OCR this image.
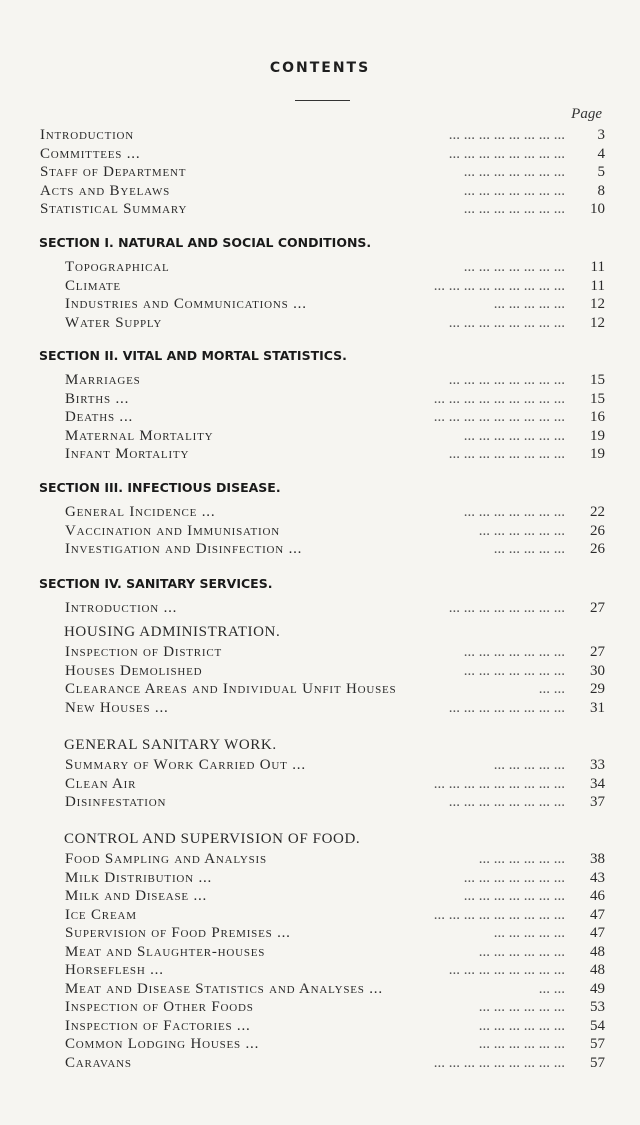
CONTENTS
Page
Introduction	... ... ... ... ... ... ... ...	3
Committees ...	... ... ... ... ... ... ... ...	4
Staff of Department	... ... ... ... ... ... ...	5
Acts and Byelaws	... ... ... ... ... ... ...	8
Statistical Summary	... ... ... ... ... ... ...	10
SECTION I. NATURAL AND SOCIAL CONDITIONS.
Topographical	... ... ... ... ... ... ...	11
Climate	... ... ... ... ... ... ... ... ...	11
Industries and Communications ...	... ... ... ... ...	12
Water Supply	... ... ... ... ... ... ... ...	12
SECTION II. VITAL AND MORTAL STATISTICS.
Marriages	... ... ... ... ... ... ... ...	15
Births ...	... ... ... ... ... ... ... ... ...	15
Deaths ...	... ... ... ... ... ... ... ... ...	16
Maternal Mortality	... ... ... ... ... ... ...	19
Infant Mortality	... ... ... ... ... ... ... ...	19
SECTION III. INFECTIOUS DISEASE.
General Incidence ...	... ... ... ... ... ... ...	22
Vaccination and Immunisation	... ... ... ... ... ...	26
Investigation and Disinfection ...	... ... ... ... ...	26
SECTION IV. SANITARY SERVICES.
Introduction ...	... ... ... ... ... ... ... ...	27
HOUSING ADMINISTRATION.
Inspection of District	... ... ... ... ... ... ...	27
Houses Demolished	... ... ... ... ... ... ...	30
Clearance Areas and Individual Unfit Houses	... ...	29
New Houses ...	... ... ... ... ... ... ... ...	31
GENERAL SANITARY WORK.
Summary of Work Carried Out ...	... ... ... ... ...	33
Clean Air	... ... ... ... ... ... ... ... ...	34
Disinfestation	... ... ... ... ... ... ... ...	37
CONTROL AND SUPERVISION OF FOOD.
Food Sampling and Analysis	... ... ... ... ... ...	38
Milk Distribution ...	... ... ... ... ... ... ...	43
Milk and Disease ...	... ... ... ... ... ... ...	46
Ice Cream	... ... ... ... ... ... ... ... ...	47
Supervision of Food Premises ...	... ... ... ... ...	47
Meat and Slaughter-houses	... ... ... ... ... ...	48
Horseflesh ...	... ... ... ... ... ... ... ...	48
Meat and Disease Statistics and Analyses ...	... ...	49
Inspection of Other Foods	... ... ... ... ... ...	53
Inspection of Factories ...	... ... ... ... ... ...	54
Common Lodging Houses ...	... ... ... ... ... ...	57
Caravans	... ... ... ... ... ... ... ... ...	57
